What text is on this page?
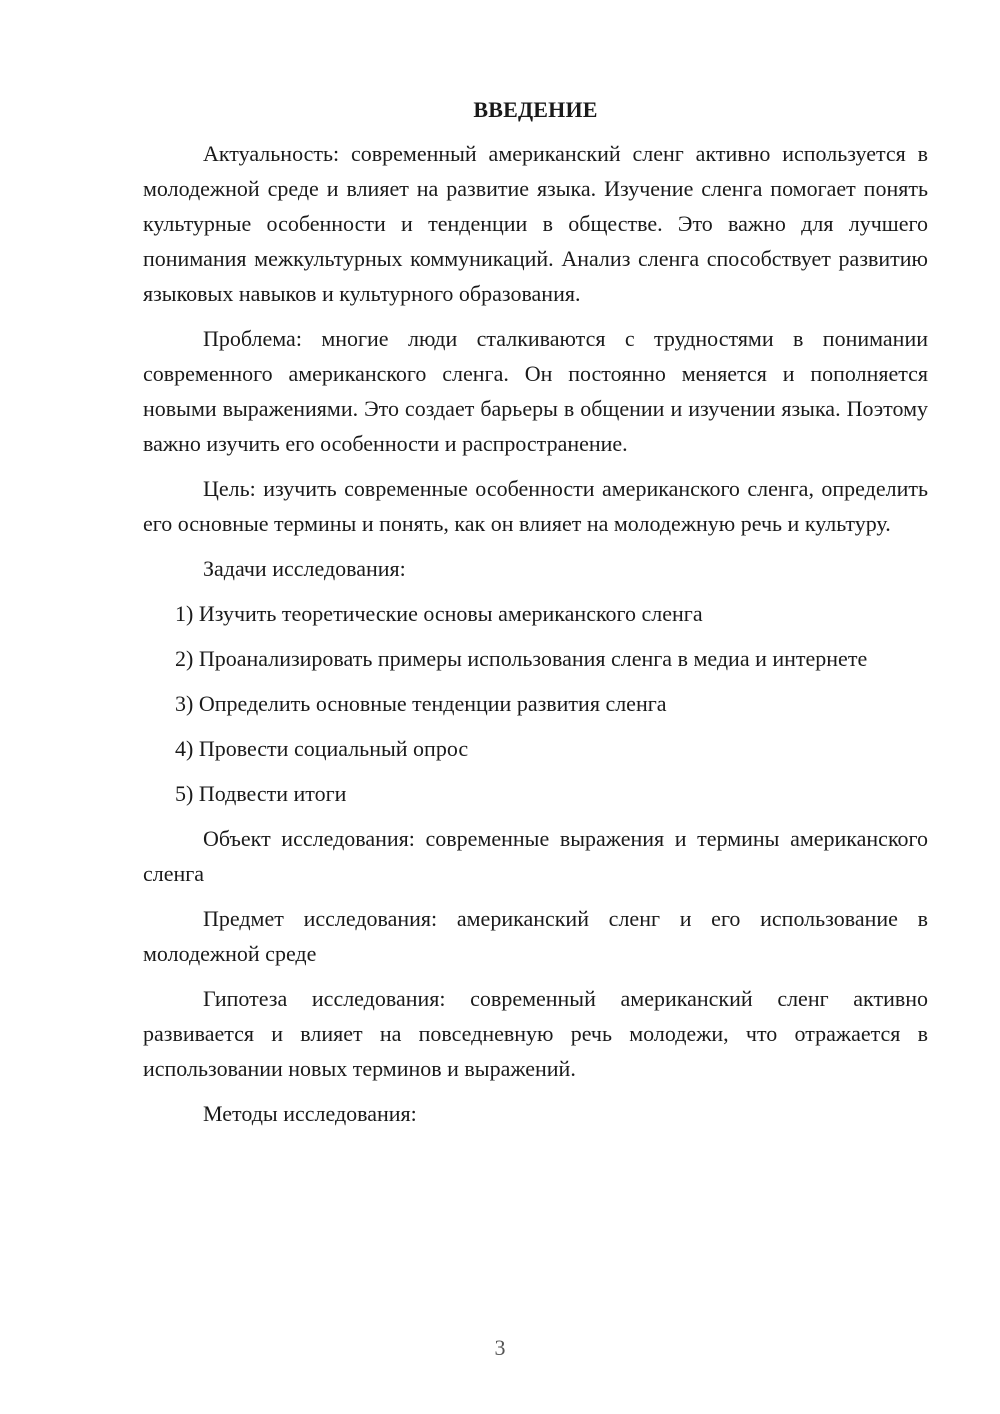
ВВЕДЕНИЕ

Актуальность: современный американский сленг активно используется в молодежной среде и влияет на развитие языка. Изучение сленга помогает понять культурные особенности и тенденции в обществе. Это важно для лучшего понимания межкультурных коммуникаций. Анализ сленга способствует развитию языковых навыков и культурного образования.

Проблема: многие люди сталкиваются с трудностями в понимании современного американского сленга. Он постоянно меняется и пополняется новыми выражениями. Это создает барьеры в общении и изучении языка. Поэтому важно изучить его особенности и распространение.

Цель: изучить современные особенности американского сленга, определить его основные термины и понять, как он влияет на молодежную речь и культуру.

Задачи исследования:

1) Изучить теоретические основы американского сленга

2) Проанализировать примеры использования сленга в медиа и интернете

3) Определить основные тенденции развития сленга

4) Провести социальный опрос

5) Подвести итоги

Объект исследования: современные выражения и термины американского сленга

Предмет исследования: американский сленг и его использование в молодежной среде

Гипотеза исследования: современный американский сленг активно развивается и влияет на повседневную речь молодежи, что отражается в использовании новых терминов и выражений.

Методы исследования:

3
